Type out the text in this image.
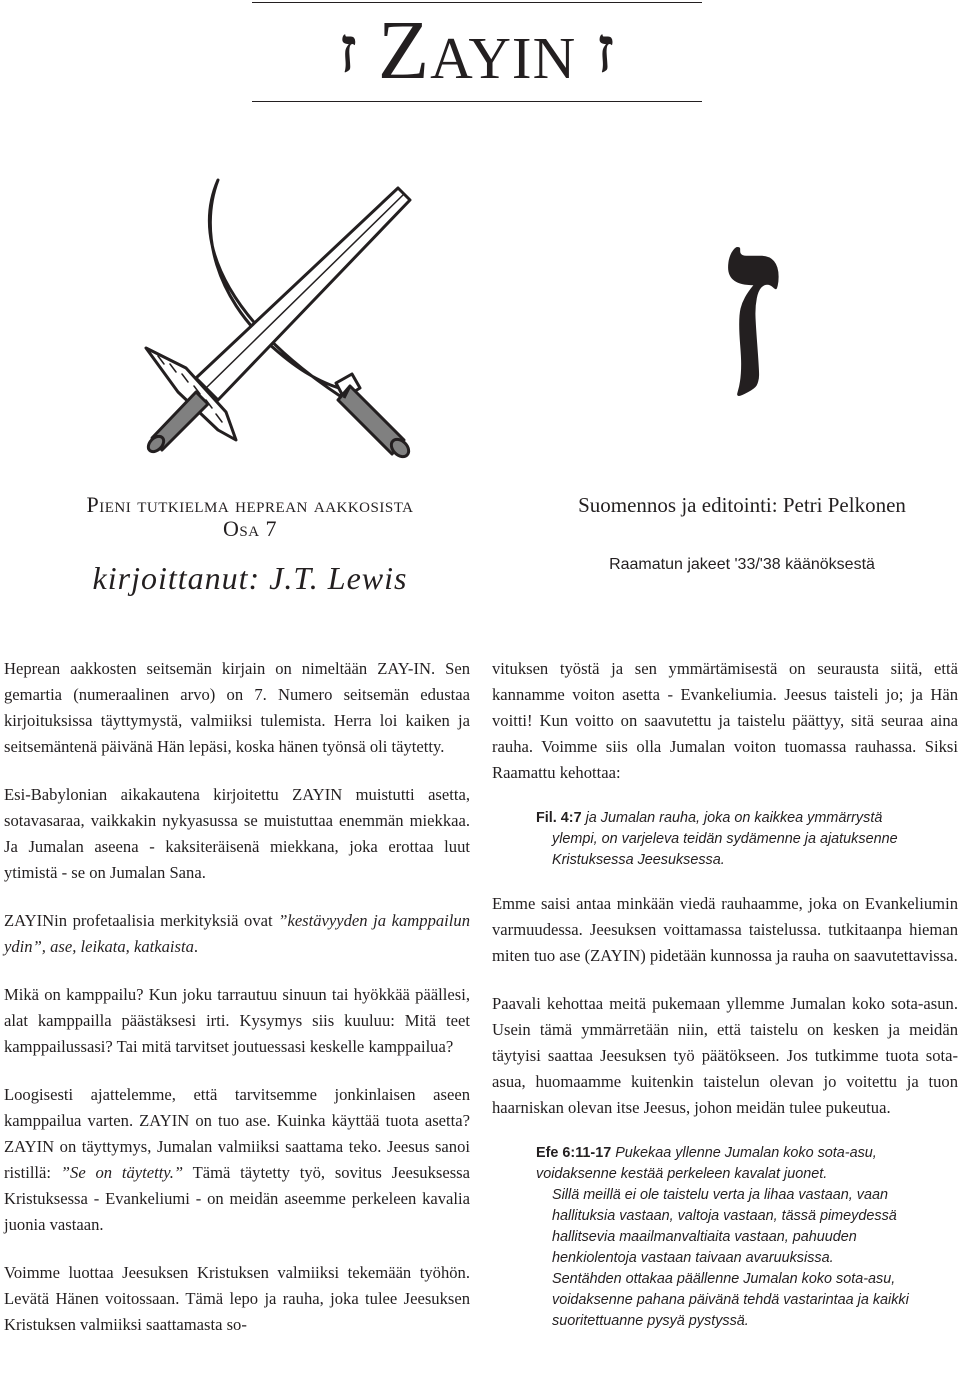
ז Zayin ז
ז
Pieni tutkielma heprean aakkosista
Osa 7
kirjoittanut: J.T. Lewis
Suomennos ja editointi: Petri Pelkonen
Raamatun jakeet '33/'38 käänöksestä

Heprean aakkosten seitsemän kirjain on nimeltään ZAY-IN. Sen gemartia (numeraalinen arvo) on 7. Numero seitsemän edustaa kirjoituksissa täyttymystä, valmiiksi tulemista. Herra loi kaiken ja seitsemäntenä päivänä Hän lepäsi, koska hänen työnsä oli täytetty.

Esi-Babylonian aikakautena kirjoitettu ZAYIN muistutti asetta, sotavasaraa, vaikkakin nykyasussa se muistuttaa enemmän miekkaa. Ja Jumalan aseena - kaksiteräisenä miekkana, joka erottaa luut ytimistä - se on Jumalan Sana.

ZAYINin profetaalisia merkityksiä ovat ”kestävyyden ja kamppailun ydin”, ase, leikata, katkaista.

Mikä on kamppailu? Kun joku tarrautuu sinuun tai hyökkää päällesi, alat kamppailla päästäksesi irti. Kysymys siis kuuluu: Mitä teet kamppailussasi? Tai mitä tarvitset joutuessasi keskelle kamppailua?

Loogisesti ajattelemme, että tarvitsemme jonkinlaisen aseen kamppailua varten. ZAYIN on tuo ase. Kuinka käyttää tuota asetta? ZAYIN on täyttymys, Jumalan valmiiksi saattama teko. Jeesus sanoi ristillä: ”Se on täytetty.” Tämä täytetty työ, sovitus Jeesuksessa Kristuksessa - Evankeliumi - on meidän aseemme perkeleen kavalia juonia vastaan.

Voimme luottaa Jeesuksen Kristuksen valmiiksi tekemään työhön. Levätä Hänen voitossaan. Tämä lepo ja rauha, joka tulee Jeesuksen Kristuksen valmiiksi saattamasta so-

vituksen työstä ja sen ymmärtämisestä on seurausta siitä, että kannamme voiton asetta - Evankeliumia. Jeesus taisteli jo; ja Hän voitti! Kun voitto on saavutettu ja taistelu päättyy, sitä seuraa aina rauha. Voimme siis olla Jumalan voiton tuomassa rauhassa. Siksi Raamattu kehottaa:

Fil. 4:7 ja Jumalan rauha, joka on kaikkea ymmärrystä
ylempi, on varjeleva teidän sydämenne ja ajatuksenne Kristuksessa Jeesuksessa.

Emme saisi antaa minkään viedä rauhaamme, joka on Evankeliumin varmuudessa. Jeesuksen voittamassa taistelussa. tutkitaanpa hieman miten tuo ase (ZAYIN) pidetään kunnossa ja rauha on saavutettavissa.

Paavali kehottaa meitä pukemaan yllemme Jumalan koko sota-asun. Usein tämä ymmärretään niin, että taistelu on kesken ja meidän täytyisi saattaa Jeesuksen työ päätökseen. Jos tutkimme tuota sota-asua, huomaamme kuitenkin taistelun olevan jo voitettu ja tuon haarniskan olevan itse Jeesus, johon meidän tulee pukeutua.

Efe 6:11-17 Pukekaa yllenne Jumalan koko sota-asu, voidaksenne kestää perkeleen kavalat juonet.
Sillä meillä ei ole taistelu verta ja lihaa vastaan, vaan hallituksia vastaan, valtoja vastaan, tässä pimeydessä hallitsevia maailmanvaltiaita vastaan, pahuuden henkiolentoja vastaan taivaan avaruuksissa.
Sentähden ottakaa päällenne Jumalan koko sota-asu, voidaksenne pahana päivänä tehdä vastarintaa ja kaikki suoritettuanne pysyä pystyssä.
